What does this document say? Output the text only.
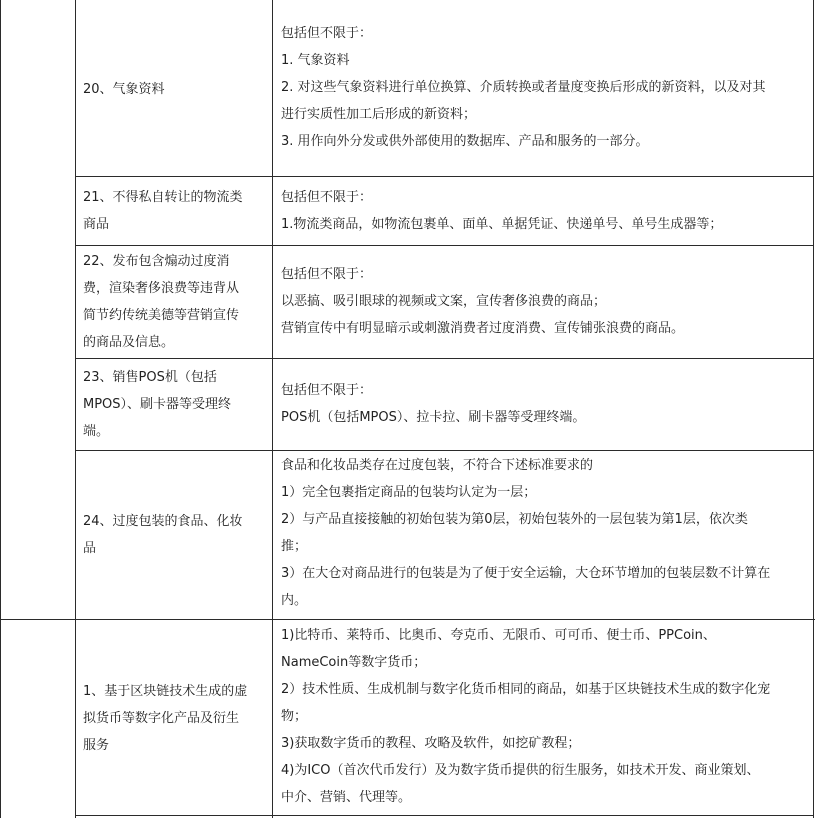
20、气象资料
包括但不限于：
1. 气象资料
2. 对这些气象资料进行单位换算、介质转换或者量度变换后形成的新资料，以及对其
进行实质性加工后形成的新资料；
3. 用作向外分发或供外部使用的数据库、产品和服务的一部分。
21、不得私自转让的物流类
商品
包括但不限于：
1.物流类商品，如物流包裹单、面单、单据凭证、快递单号、单号生成器等；
22、发布包含煽动过度消
费，渲染奢侈浪费等违背从
简节约传统美德等营销宣传
的商品及信息。
包括但不限于：
以恶搞、吸引眼球的视频或文案，宣传奢侈浪费的商品；
营销宣传中有明显暗示或刺激消费者过度消费、宣传铺张浪费的商品。
23、销售POS机（包括
MPOS）、刷卡器等受理终
端。
包括但不限于：
POS机（包括MPOS）、拉卡拉、刷卡器等受理终端。
24、过度包装的食品、化妆
品
食品和化妆品类存在过度包装，不符合下述标准要求的
1）完全包裹指定商品的包装均认定为一层；
2）与产品直接接触的初始包装为第0层，初始包装外的一层包装为第1层，依次类
推；
3）在大仓对商品进行的包装是为了便于安全运输，大仓环节增加的包装层数不计算在
内。
1、基于区块链技术生成的虚
拟货币等数字化产品及衍生
服务
1)比特币、莱特币、比奥币、夸克币、无限币、可可币、便士币、PPCoin、
NameCoin等数字货币；
2）技术性质、生成机制与数字化货币相同的商品，如基于区块链技术生成的数字化宠
物；
3)获取数字货币的教程、攻略及软件，如挖矿教程；
4)为ICO（首次代币发行）及为数字货币提供的衍生服务，如技术开发、商业策划、
中介、营销、代理等。
